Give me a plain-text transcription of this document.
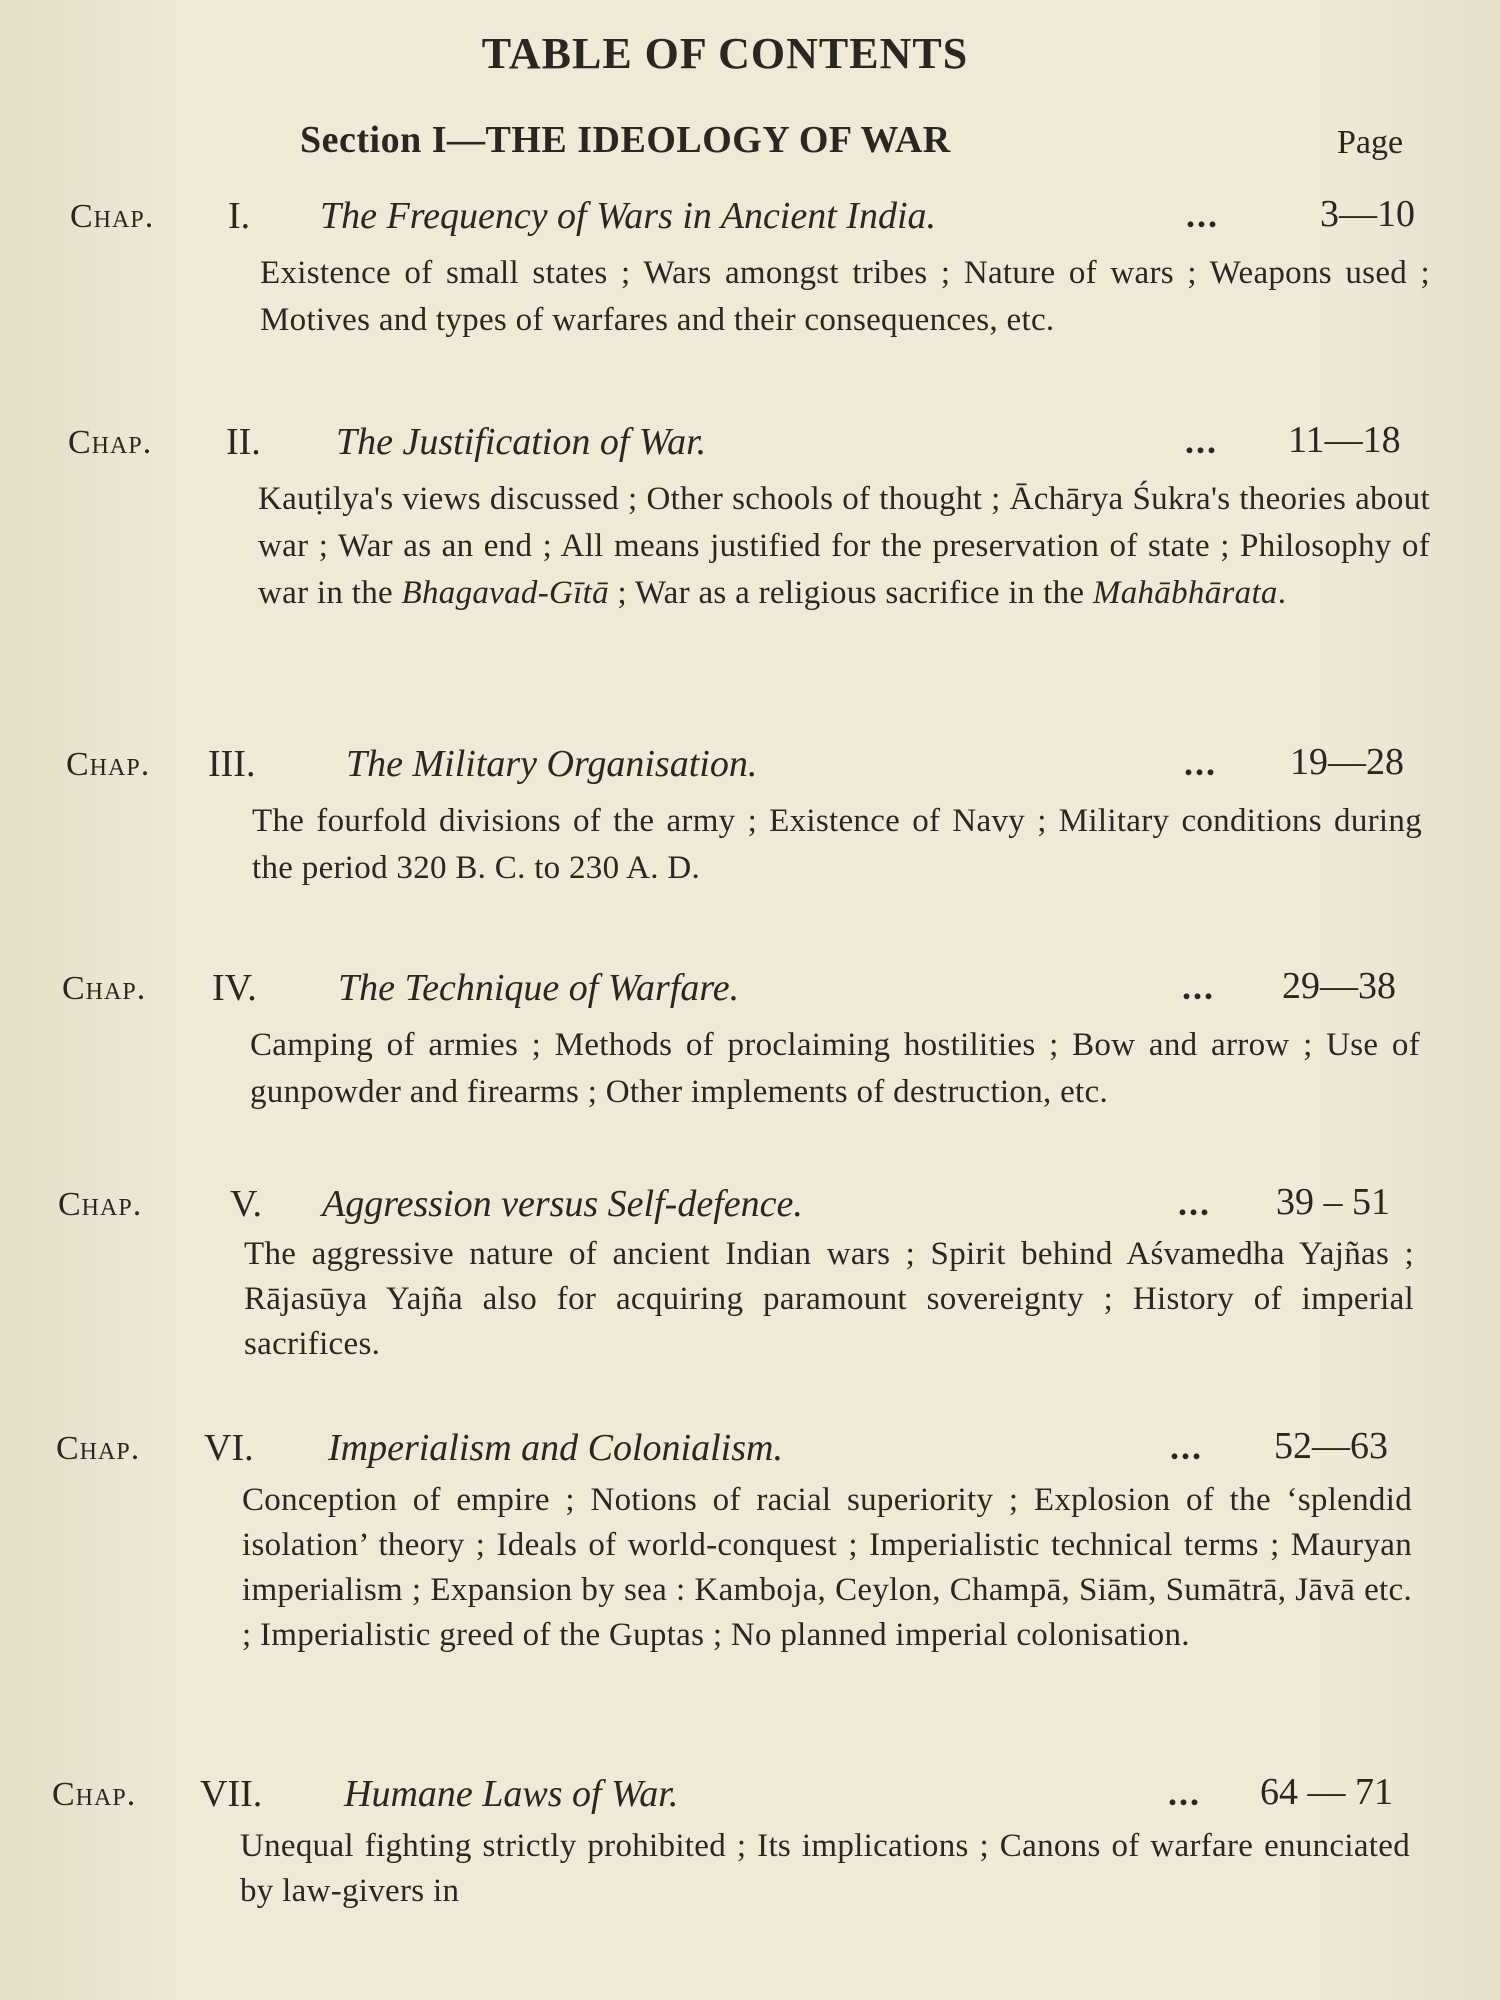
TABLE OF CONTENTS
Section I—THE IDEOLOGY OF WAR	Page
Chap. I. The Frequency of Wars in Ancient India.	...	3—10
Existence of small states ; Wars amongst tribes ; Nature of wars ; Weapons used ; Motives and types of warfares and their consequences, etc.
Chap. II. The Justification of War.	... 11—18
Kauṭilya's views discussed ; Other schools of thought ; Āchārya Śukra's theories about war ; War as an end ; All means justified for the preservation of state ; Philosophy of war in the Bhagavad-Gītā ; War as a religious sacrifice in the Mahābhārata.
Chap. III. The Military Organisation.	... 19—28
The fourfold divisions of the army ; Existence of Navy ; Military conditions during the period 320 B. C. to 230 A. D.
Chap. IV. The Technique of Warfare.	... 29—38
Camping of armies ; Methods of proclaiming hostilities ; Bow and arrow ; Use of gunpowder and firearms ; Other implements of destruction, etc.
Chap. V. Aggression versus Self-defence.	... 39 – 51
The aggressive nature of ancient Indian wars ; Spirit behind Aśvamedha Yajñas ; Rājasūya Yajña also for acquiring paramount sovereignty ; History of imperial sacrifices.
Chap. VI. Imperialism and Colonialism.	... 52—63
Conception of empire ; Notions of racial superiority ; Explosion of the ‘splendid isolation’ theory ; Ideals of world-conquest ; Imperialistic technical terms ; Mauryan imperialism ; Expansion by sea : Kamboja, Ceylon, Champā, Siām, Sumātrā, Jāvā etc. ; Imperialistic greed of the Guptas ; No planned imperial colonisation.
Chap. VII. Humane Laws of War.	... 64 — 71
Unequal fighting strictly prohibited ; Its implications ; Canons of warfare enunciated by law-givers in
